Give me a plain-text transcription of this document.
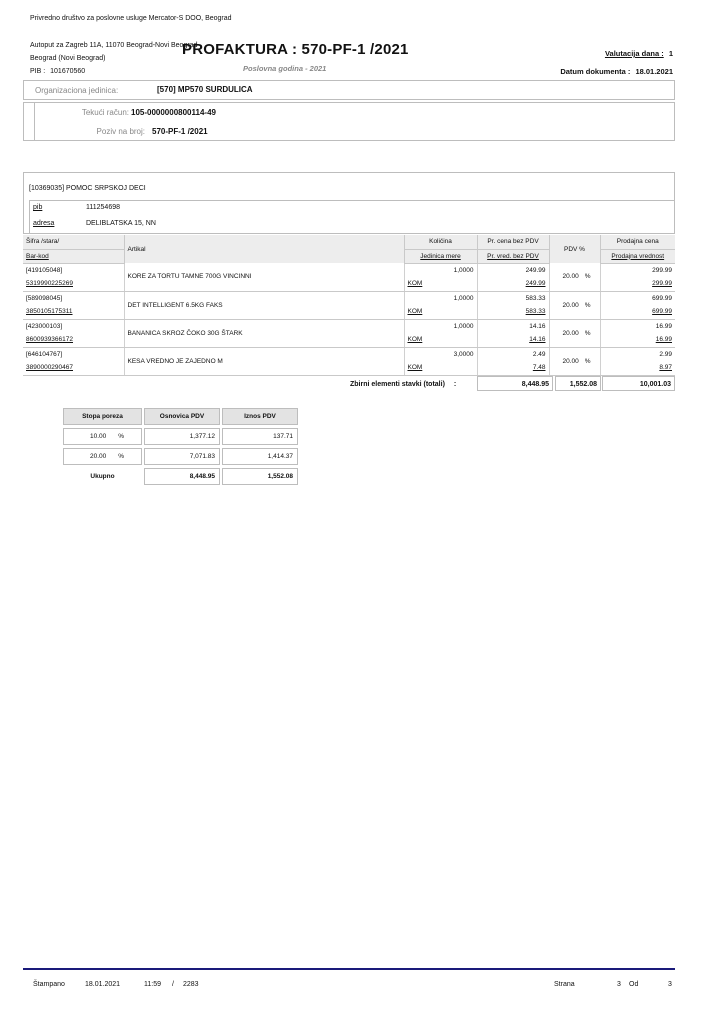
Privredno društvo za poslovne usluge Mercator-S DOO, Beograd
Autoput za Zagreb 11A, 11070 Beograd-Novi Beograd
Beograd (Novi Beograd)
PIB : 101670560
PROFAKTURA : 570-PF-1 /2021
Poslovna godina - 2021
Valutacija dana : 1
Datum dokumenta : 18.01.2021
Organizaciona jedinica:	[570] MP570 SURDULICA
Tekući račun: 105-0000000800114-49
Poziv na broj: 570-PF-1 /2021
[10369035] POMOC SRPSKOJ DECI
pib	111254698
adresa	DELIBLATSKA 15, NN
Šifra /stara/	Artikal	Količina	Pr. cena bez PDV	PDV %	Prodajna cena
Bar-kod		Jedinica mere	Pr. vred. bez PDV		Prodajna vrednost
[419105048]	KORE ZA TORTU TAMNE 700G VINCINNI	1,0000	249.99	20.00 %	299.99
5319990225269		KOM	249.99		299.99
[589098045]	DET INTELLIGENT 6.5KG FAKS	1,0000	583.33	20.00 %	699.99
3850105175311		KOM	583.33		699.99
[423000103]	BANANICA SKROZ ČOKO 30G ŠTARK	1,0000	14.16	20.00 %	16.99
8600939366172		KOM	14.16		16.99
[646104767]	KESA VREDNO JE ZAJEDNO M	3,0000	2.49	20.00 %	2.99
3890000290467		KOM	7.48		8.97
Zbirni elementi stavki (totali) :	8,448.95	1,552.08	10,001.03
Stopa poreza	Osnovica PDV	Iznos PDV
10.00 %	1,377.12	137.71
20.00 %	7,071.83	1,414.37
Ukupno	8,448.95	1,552.08
Štampano	18.01.2021	11:59 / 2283	Strana	3 Od	3
